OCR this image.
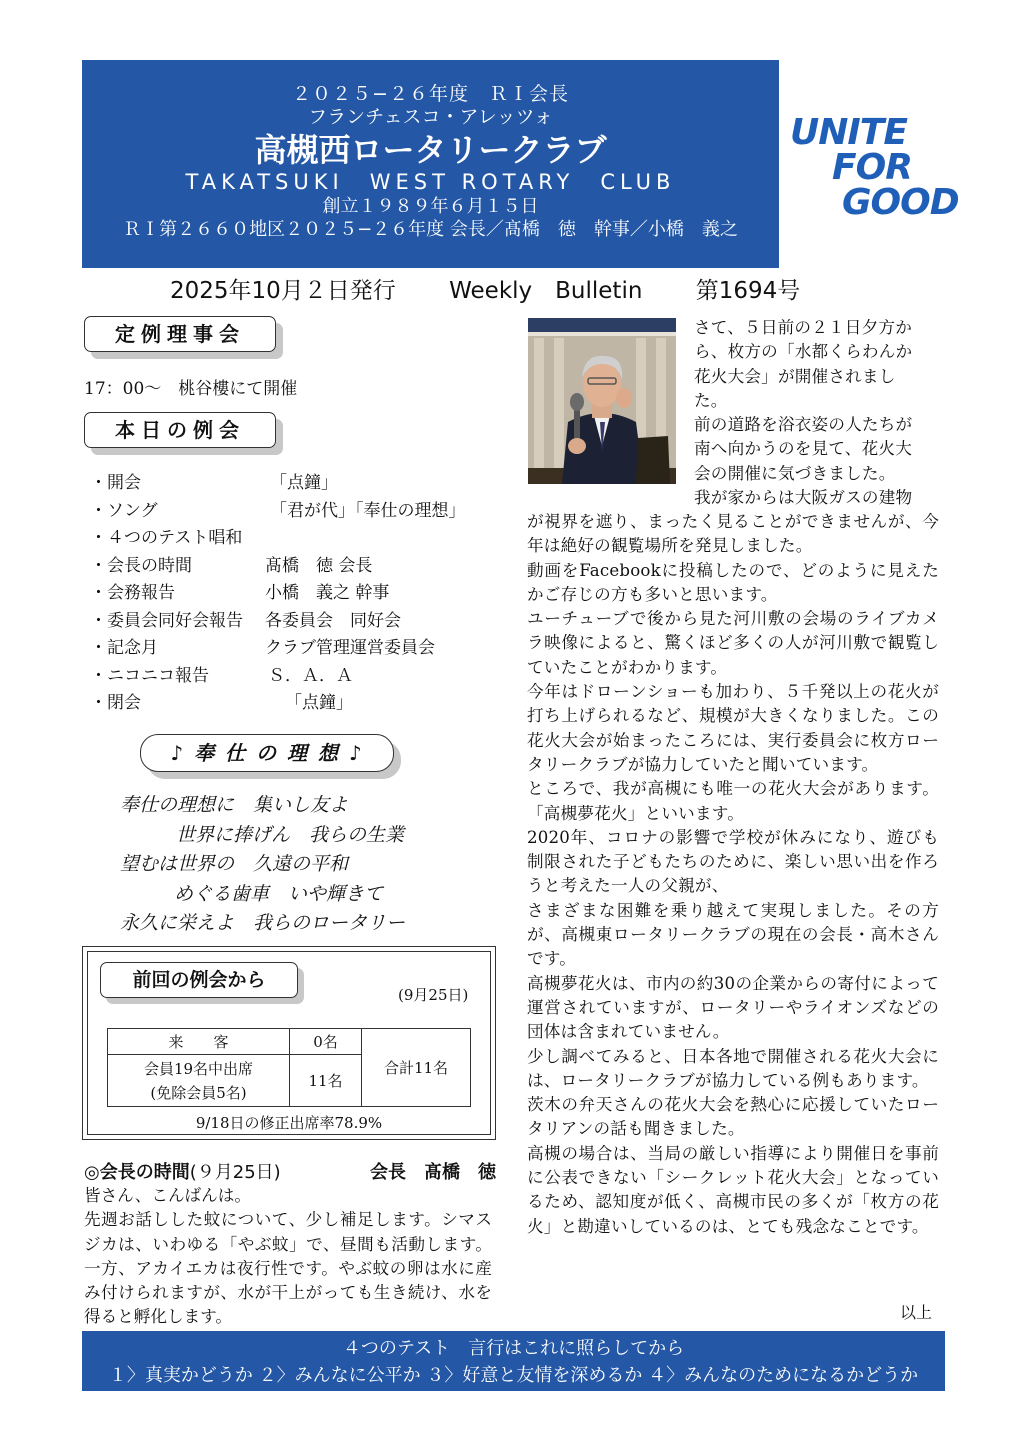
２０２５−２６年度　ＲＩ会長
フランチェスコ・アレッツォ
高槻西ロータリークラブ
TAKATSUKI　WEST ROTARY　CLUB
創立１９８９年６月１５日
ＲＩ第２６６０地区２０２５−２６年度 会長／髙橋　徳　幹事／小橋　義之
UNITE
FOR
GOOD
2025年10月２日発行 Weekly　Bulletin 第1694号
定例理事会
17：00〜　桃谷樓にて開催
本日の例会
・開会	「点鐘」
・ソング	「君が代」「奉仕の理想」
・４つのテスト唱和
・会長の時間	髙橋　徳 会長
・会務報告	小橋　義之 幹事
・委員会同好会報告 各委員会　同好会
・記念月	クラブ管理運営委員会
・ニコニコ報告	Ｓ．Ａ．Ａ
・閉会	「点鐘」
♪ 奉 仕 の 理 想 ♪
奉仕の理想に　集いし友よ
世界に捧げん　我らの生業
望むは世界の　久遠の平和
めぐる歯車　いや輝きて
永久に栄えよ　我らのロータリー
前回の例会から
(9月25日)
来　　客	0名	合計11名

会員19名中出席
(免除会員5名)	11名	
9/18日の修正出席率78.9%
◎会長の時間(９月25日)	会長　髙橋　徳
皆さん、こんばんは。
先週お話しした蚊について、少し補足します。シマスジカは、いわゆる「やぶ蚊」で、昼間も活動します。一方、アカイエカは夜行性です。やぶ蚊の卵は水に産み付けられますが、水が干上がっても生き続け、水を得ると孵化します。
さて、５日前の２１日夕方か
ら、枚方の「水都くらわんか
花火大会」が開催されまし
た。
前の道路を浴衣姿の人たちが
南へ向かうのを見て、花火大
会の開催に気づきました。
我が家からは大阪ガスの建物

が視界を遮り、まったく見ることができませんが、今年は絶好の観覧場所を発見しました。

動画をFacebookに投稿したので、どのように見えたかご存じの方も多いと思います。

ユーチューブで後から見た河川敷の会場のライブカメラ映像によると、驚くほど多くの人が河川敷で観覧していたことがわかります。

今年はドローンショーも加わり、５千発以上の花火が打ち上げられるなど、規模が大きくなりました。この花火大会が始まったころには、実行委員会に枚方ロータリークラブが協力していたと聞いています。

ところで、我が高槻にも唯一の花火大会があります。「高槻夢花火」といいます。

2020年、コロナの影響で学校が休みになり、遊びも制限された子どもたちのために、楽しい思い出を作ろうと考えた一人の父親が、

さまざまな困難を乗り越えて実現しました。その方が、高槻東ロータリークラブの現在の会長・高木さんです。

高槻夢花火は、市内の約30の企業からの寄付によって運営されていますが、ロータリーやライオンズなどの団体は含まれていません。

少し調べてみると、日本各地で開催される花火大会には、ロータリークラブが協力している例もあります。

茨木の弁天さんの花火大会を熱心に応援していたロータリアンの話も聞きました。

高槻の場合は、当局の厳しい指導により開催日を事前に公表できない「シークレット花火大会」となっているため、認知度が低く、高槻市民の多くが「枚方の花火」と勘違いしているのは、とても残念なことです。

以上
４つのテスト　言行はこれに照らしてから
１〉真実かどうか ２〉みんなに公平か ３〉好意と友情を深めるか ４〉みんなのためになるかどうか
